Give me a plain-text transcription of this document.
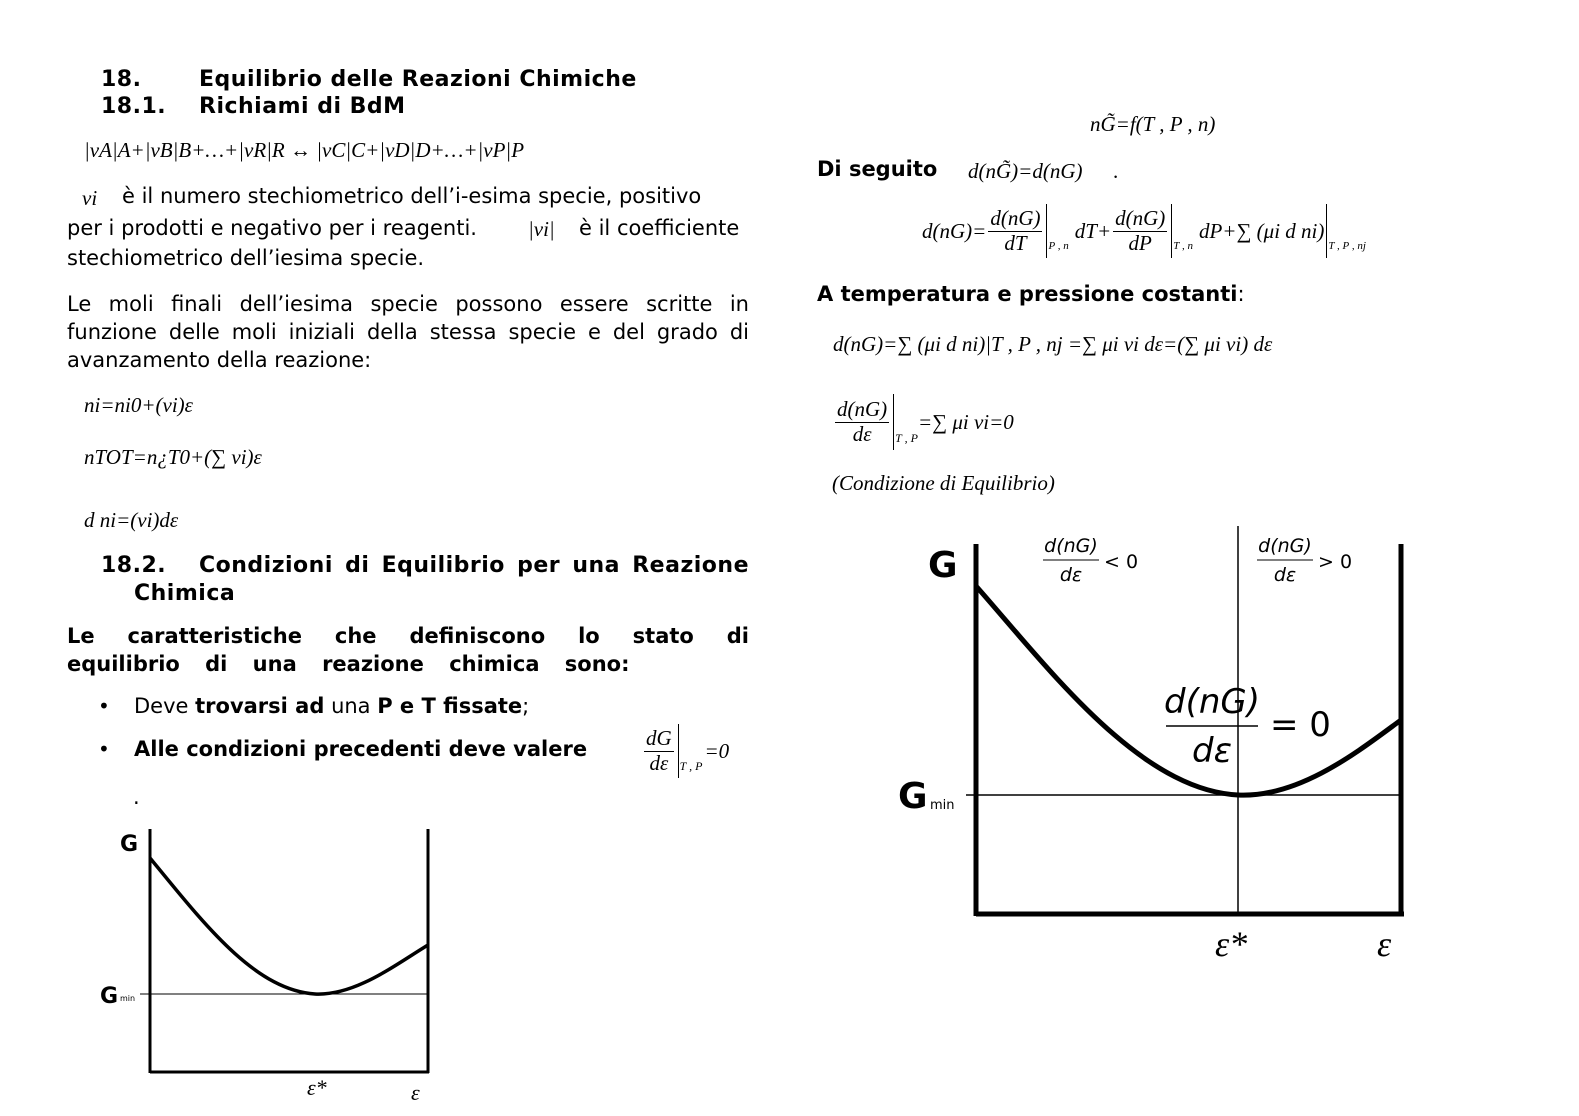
18.	Equilibrio delle Reazioni Chimiche
18.1. Richiami di BdM
|νA|A+|νB|B+…+|νR|R ↔ |νC|C+|νD|D+…+|νP|P
νi è il numero stechiometrico dell’i-esima specie, positivo
per i prodotti e negativo per i reagenti. |νi| è il coefficiente
stechiometrico dell’iesima specie.
Le moli finali dell’iesima specie possono essere scritte in funzione delle moli iniziali della stessa specie e del grado di avanzamento della reazione:
ni=ni0+(νi)ε
nTOT=n¿T0+(∑ νi)ε
d ni=(νi)dε
18.2. Condizioni di Equilibrio per una Reazione
Chimica
Le caratteristiche che definiscono lo stato di equilibrio di una reazione chimica sono:
• Deve trovarsi ad una P e T fissate;
• Alle condizioni precedenti deve valere	$\frac{dG}{d\varepsilon}$ T , P
=0
.
G
G min
ε*	ε
nG̃=f(T , P , n)
Di seguito d(nG̃)=d(nG) .
$d(nG)= \frac{d(nG)}{dT}$ P , n
$dT+ \frac{d(nG)}{dP}$ T , n
dP+∑ (μi d ni)
T , P , nj
A temperatura e pressione costanti:
d(nG)=∑ (μi d ni)|T , P , nj =∑ μi νi dε=(∑ μi νi) dε
$\frac{d(nG)}{d\varepsilon}$ T , P
=∑ μi νi=0
(Condizione di Equilibrio)
G
G min
ε*	ε
d(nG)
dε
< 0
d(nG)
dε
> 0
d(nG)
dε
= 0
